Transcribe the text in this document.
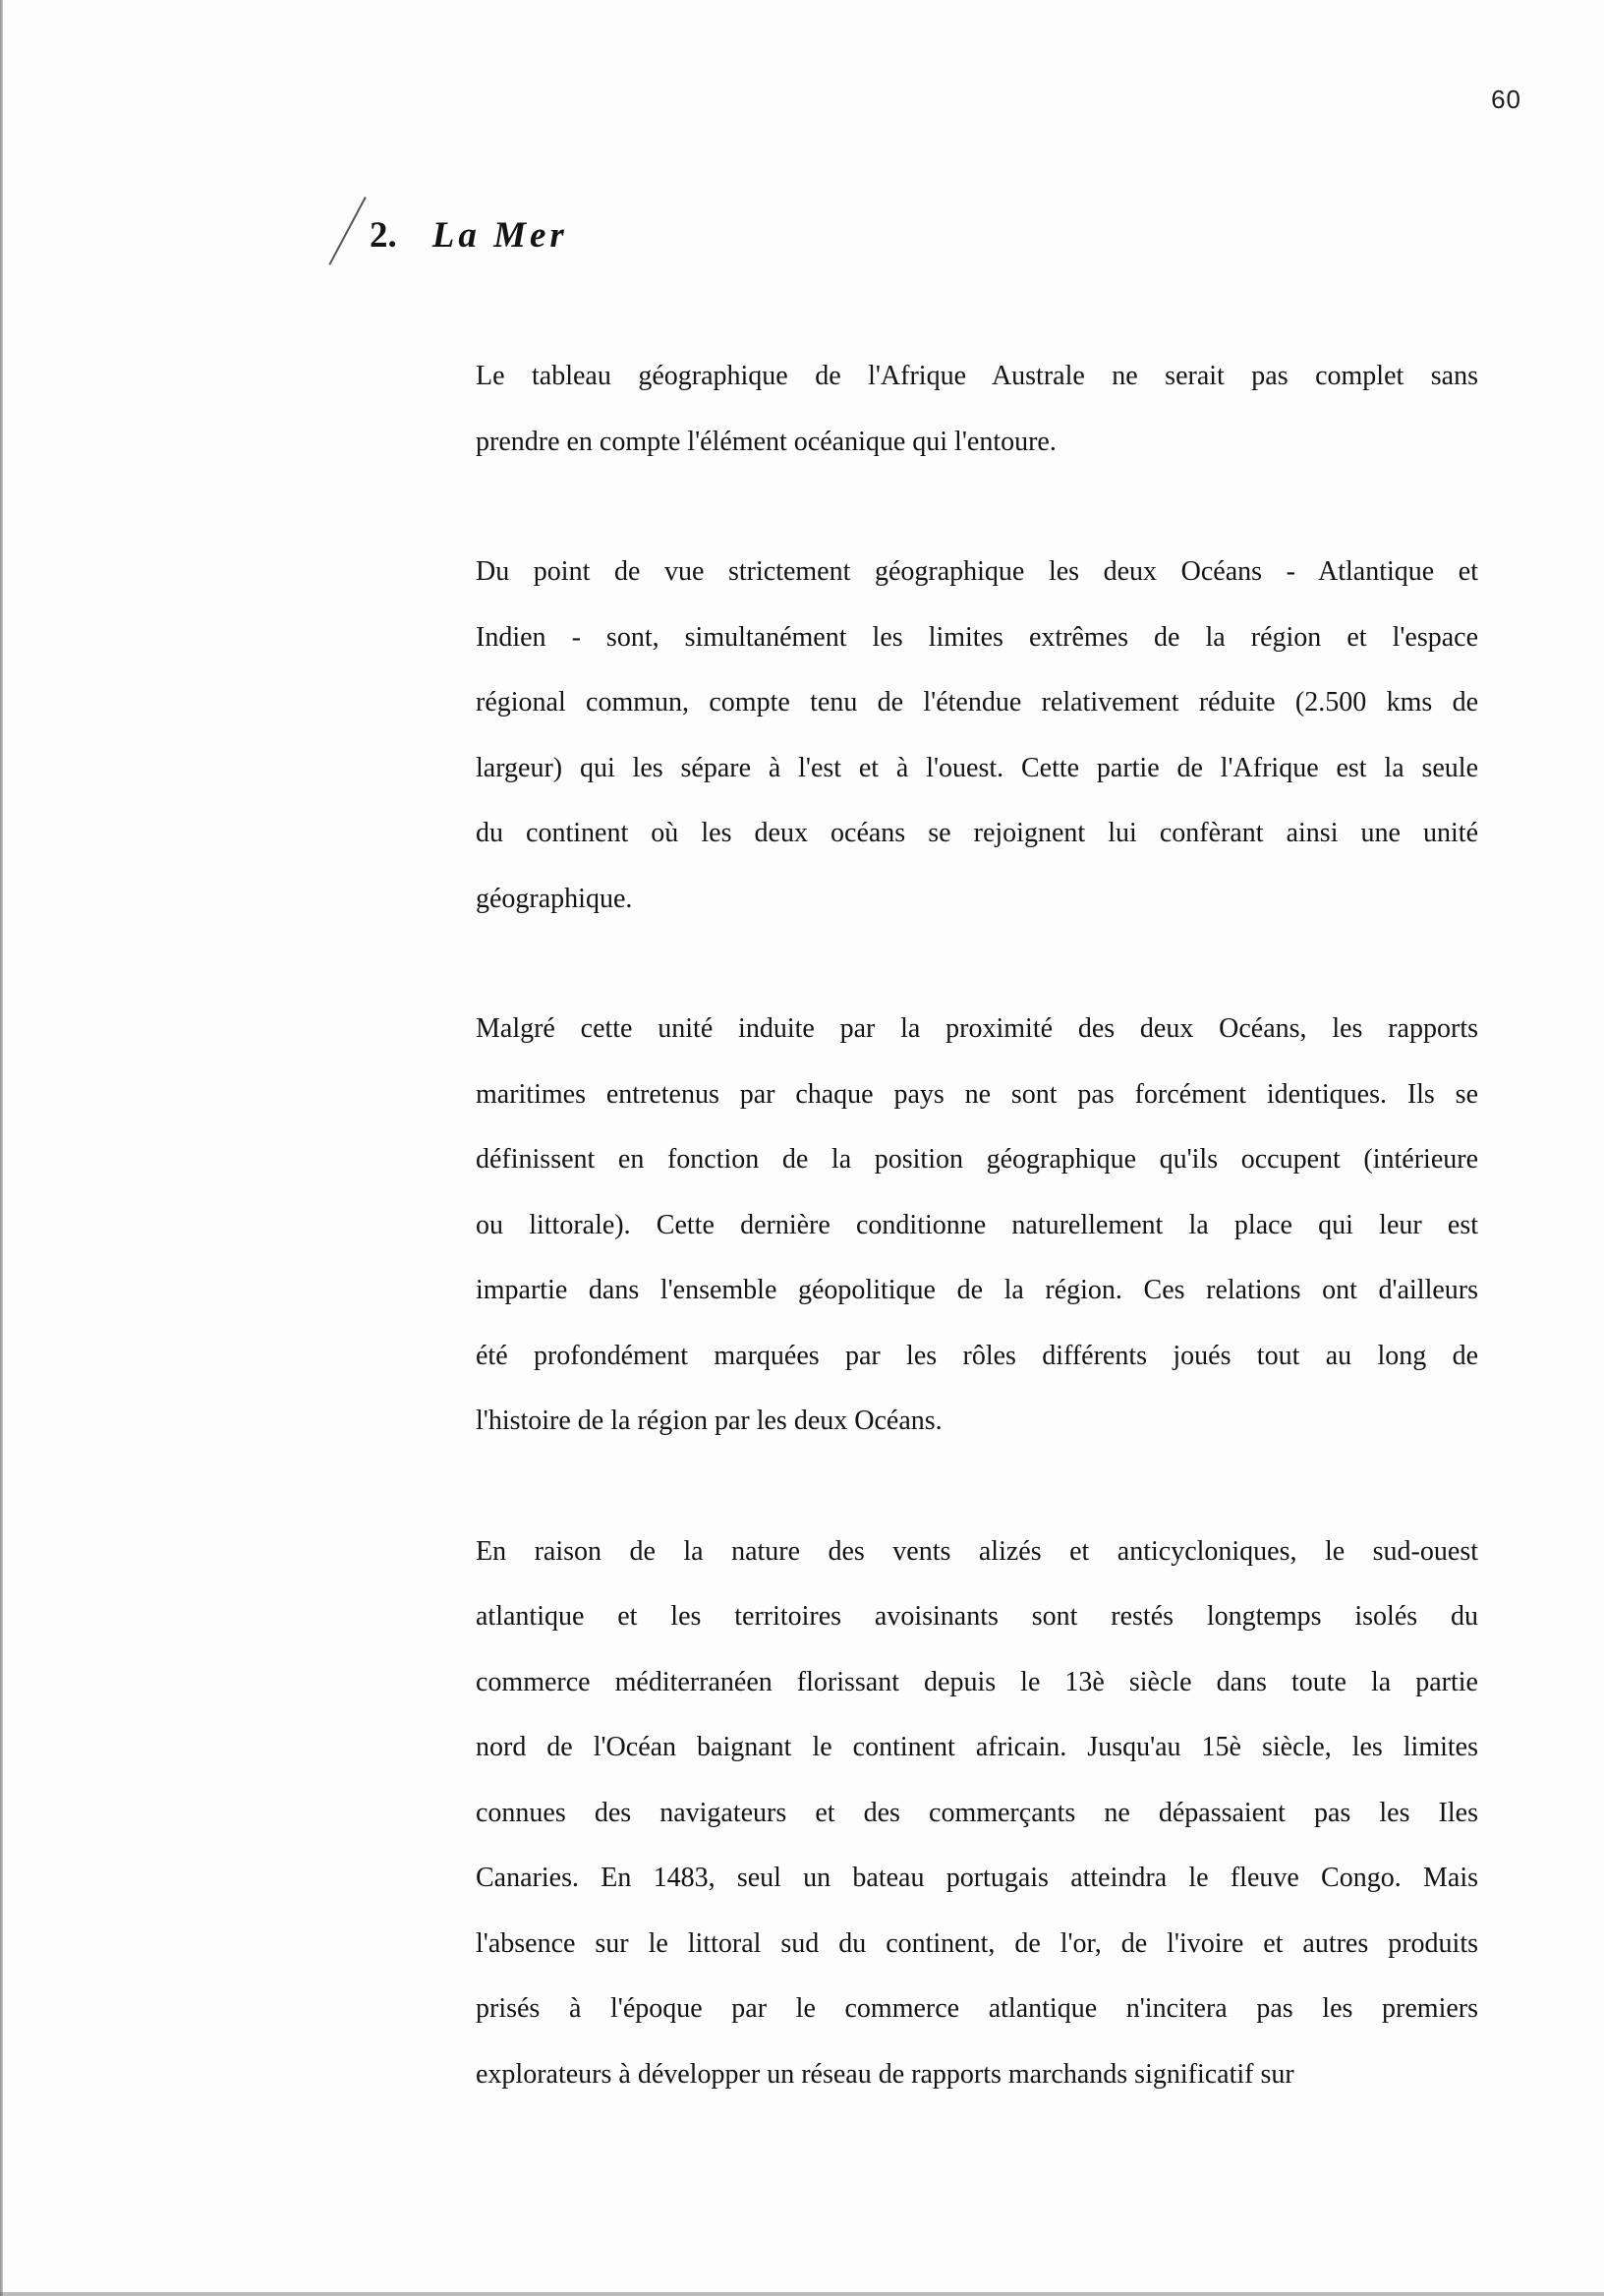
60
2. La Mer
Le tableau géographique de l'Afrique Australe ne serait pas complet sans
prendre en compte l'élément océanique qui l'entoure.
Du point de vue strictement géographique les deux Océans - Atlantique et
Indien - sont, simultanément les limites extrêmes de la région et l'espace
régional commun, compte tenu de l'étendue relativement réduite (2.500 kms de
largeur) qui les sépare à l'est et à l'ouest. Cette partie de l'Afrique est la seule
du continent où les deux océans se rejoignent lui confèrant ainsi une unité
géographique.
Malgré cette unité induite par la proximité des deux Océans, les rapports
maritimes entretenus par chaque pays ne sont pas forcément identiques. Ils se
définissent en fonction de la position géographique qu'ils occupent (intérieure
ou littorale). Cette dernière conditionne naturellement la place qui leur est
impartie dans l'ensemble géopolitique de la région. Ces relations ont d'ailleurs
été profondément marquées par les rôles différents joués tout au long de
l'histoire de la région par les deux Océans.
En raison de la nature des vents alizés et anticycloniques, le sud-ouest
atlantique et les territoires avoisinants sont restés longtemps isolés du
commerce méditerranéen florissant depuis le 13è siècle dans toute la partie
nord de l'Océan baignant le continent africain. Jusqu'au 15è siècle, les limites
connues des navigateurs et des commerçants ne dépassaient pas les Iles
Canaries. En 1483, seul un bateau portugais atteindra le fleuve Congo. Mais
l'absence sur le littoral sud du continent, de l'or, de l'ivoire et autres produits
prisés à l'époque par le commerce atlantique n'incitera pas les premiers
explorateurs à développer un réseau de rapports marchands significatif sur
